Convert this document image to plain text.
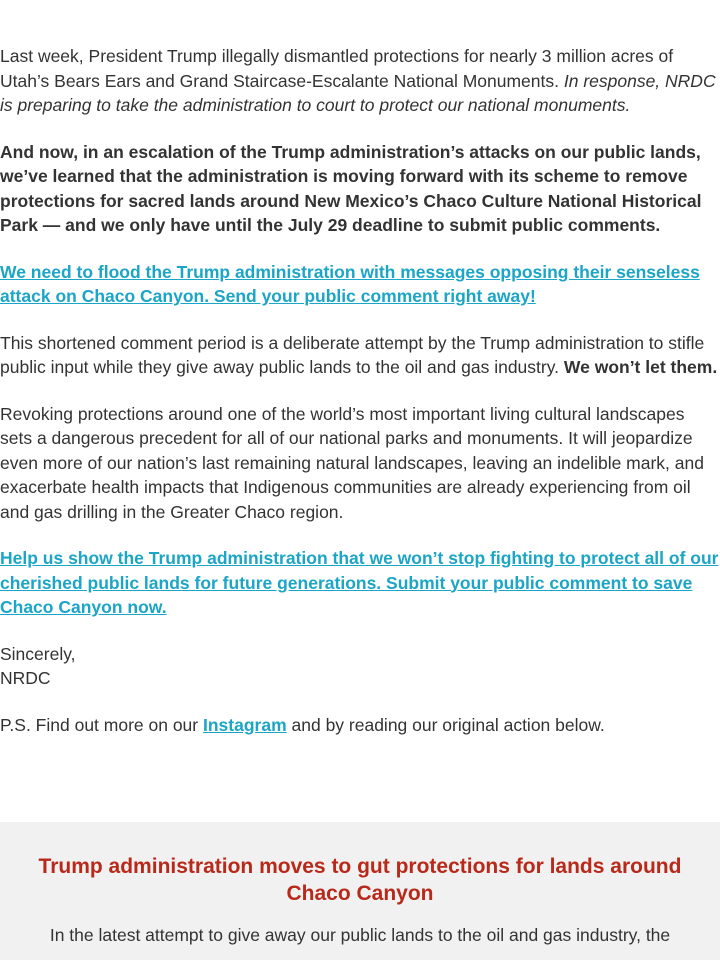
Last week, President Trump illegally dismantled protections for nearly 3 million acres of Utah’s Bears Ears and Grand Staircase-Escalante National Monuments. In response, NRDC is preparing to take the administration to court to protect our national monuments.

And now, in an escalation of the Trump administration’s attacks on our public lands, we’ve learned that the administration is moving forward with its scheme to remove protections for sacred lands around New Mexico’s Chaco Culture National Historical Park — and we only have until the July 29 deadline to submit public comments.

We need to flood the Trump administration with messages opposing their senseless attack on Chaco Canyon. Send your public comment right away!

This shortened comment period is a deliberate attempt by the Trump administration to stifle public input while they give away public lands to the oil and gas industry. We won’t let them.

Revoking protections around one of the world’s most important living cultural landscapes sets a dangerous precedent for all of our national parks and monuments. It will jeopardize even more of our nation’s last remaining natural landscapes, leaving an indelible mark, and exacerbate health impacts that Indigenous communities are already experiencing from oil and gas drilling in the Greater Chaco region.

Help us show the Trump administration that we won’t stop fighting to protect all of our cherished public lands for future generations. Submit your public comment to save Chaco Canyon now.

Sincerely,
NRDC

P.S. Find out more on our Instagram and by reading our original action below.

Trump administration moves to gut protections for lands around Chaco Canyon

In the latest attempt to give away our public lands to the oil and gas industry, the
